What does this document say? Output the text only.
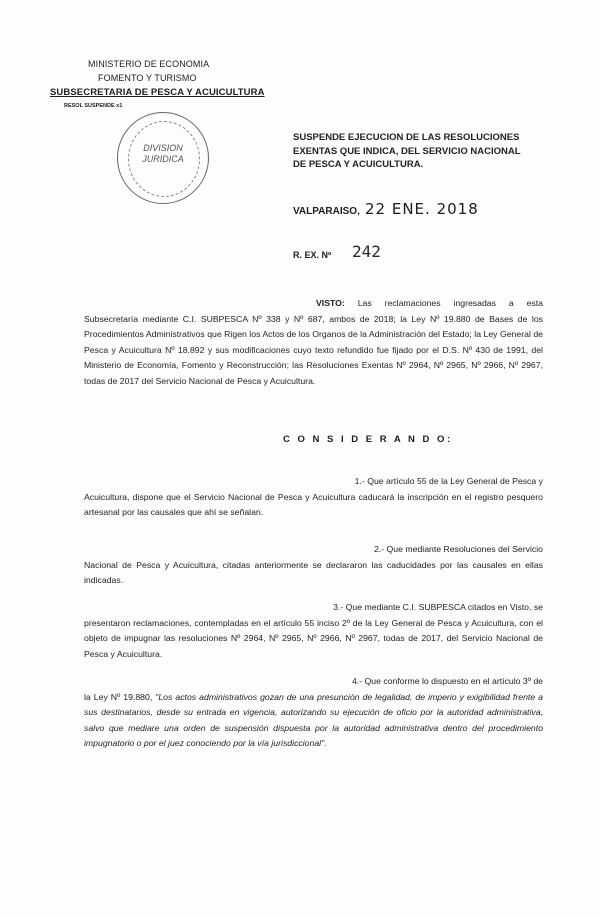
MINISTERIO DE ECONOMIA
FOMENTO Y TURISMO
SUBSECRETARIA DE PESCA Y ACUICULTURA
RESOL SUSPENDE x1
DIVISION
JURIDICA
SUSPENDE EJECUCION DE LAS RESOLUCIONES
EXENTAS QUE INDICA, DEL SERVICIO NACIONAL
DE PESCA Y ACUICULTURA.
VALPARAISO, 22 ENE. 2018
R. EX. Nº 242

VISTO: Las reclamaciones ingresadas a esta

Subsecretaría mediante C.I. SUBPESCA Nº 338 y Nº 687, ambos de 2018; la Ley Nº 19.880 de Bases de los Procedimientos Administrativos que Rigen los Actos de los Organos de la Administración del Estado; la Ley General de Pesca y Acuicultura Nº 18.892 y sus modificaciones cuyo texto refundido fue fijado por el D.S. Nº 430 de 1991, del Ministerio de Economía, Fomento y Reconstrucción; las Resoluciones Exentas Nº 2964, Nº 2965, Nº 2966, Nº 2967, todas de 2017 del Servicio Nacional de Pesca y Acuicultura.

C O N S I D E R A N D O:

1.- Que artículo 55 de la Ley General de Pesca y

Acuicultura, dispone que el Servicio Nacional de Pesca y Acuicultura caducará la inscripción en el registro pesquero artesanal por las causales que ahí se señalan.

2.- Que mediante Resoluciones del Servicio

Nacional de Pesca y Acuicultura, citadas anteriormente se declararon las caducidades por las causales en ellas indicadas.

3.- Que mediante C.I. SUBPESCA citados en Visto, se

presentaron reclamaciones, contempladas en el artículo 55 inciso 2º de la Ley General de Pesca y Acuicultura, con el objeto de impugnar las resoluciones Nº 2964, Nº 2965, Nº 2966, Nº 2967, todas de 2017, del Servicio Nacional de Pesca y Acuicultura.

4.- Que conforme lo dispuesto en el artículo 3º de

la Ley Nº 19.880, "Los actos administrativos gozan de una presunción de legalidad, de imperio y exigibilidad frente a sus destinatarios, desde su entrada en vigencia, autorizando su ejecución de oficio por la autoridad administrativa, salvo que mediare una orden de suspensión dispuesta por la autoridad administrativa dentro del procedimiento impugnatorio o por el juez conociendo por la vía jurisdiccional".
